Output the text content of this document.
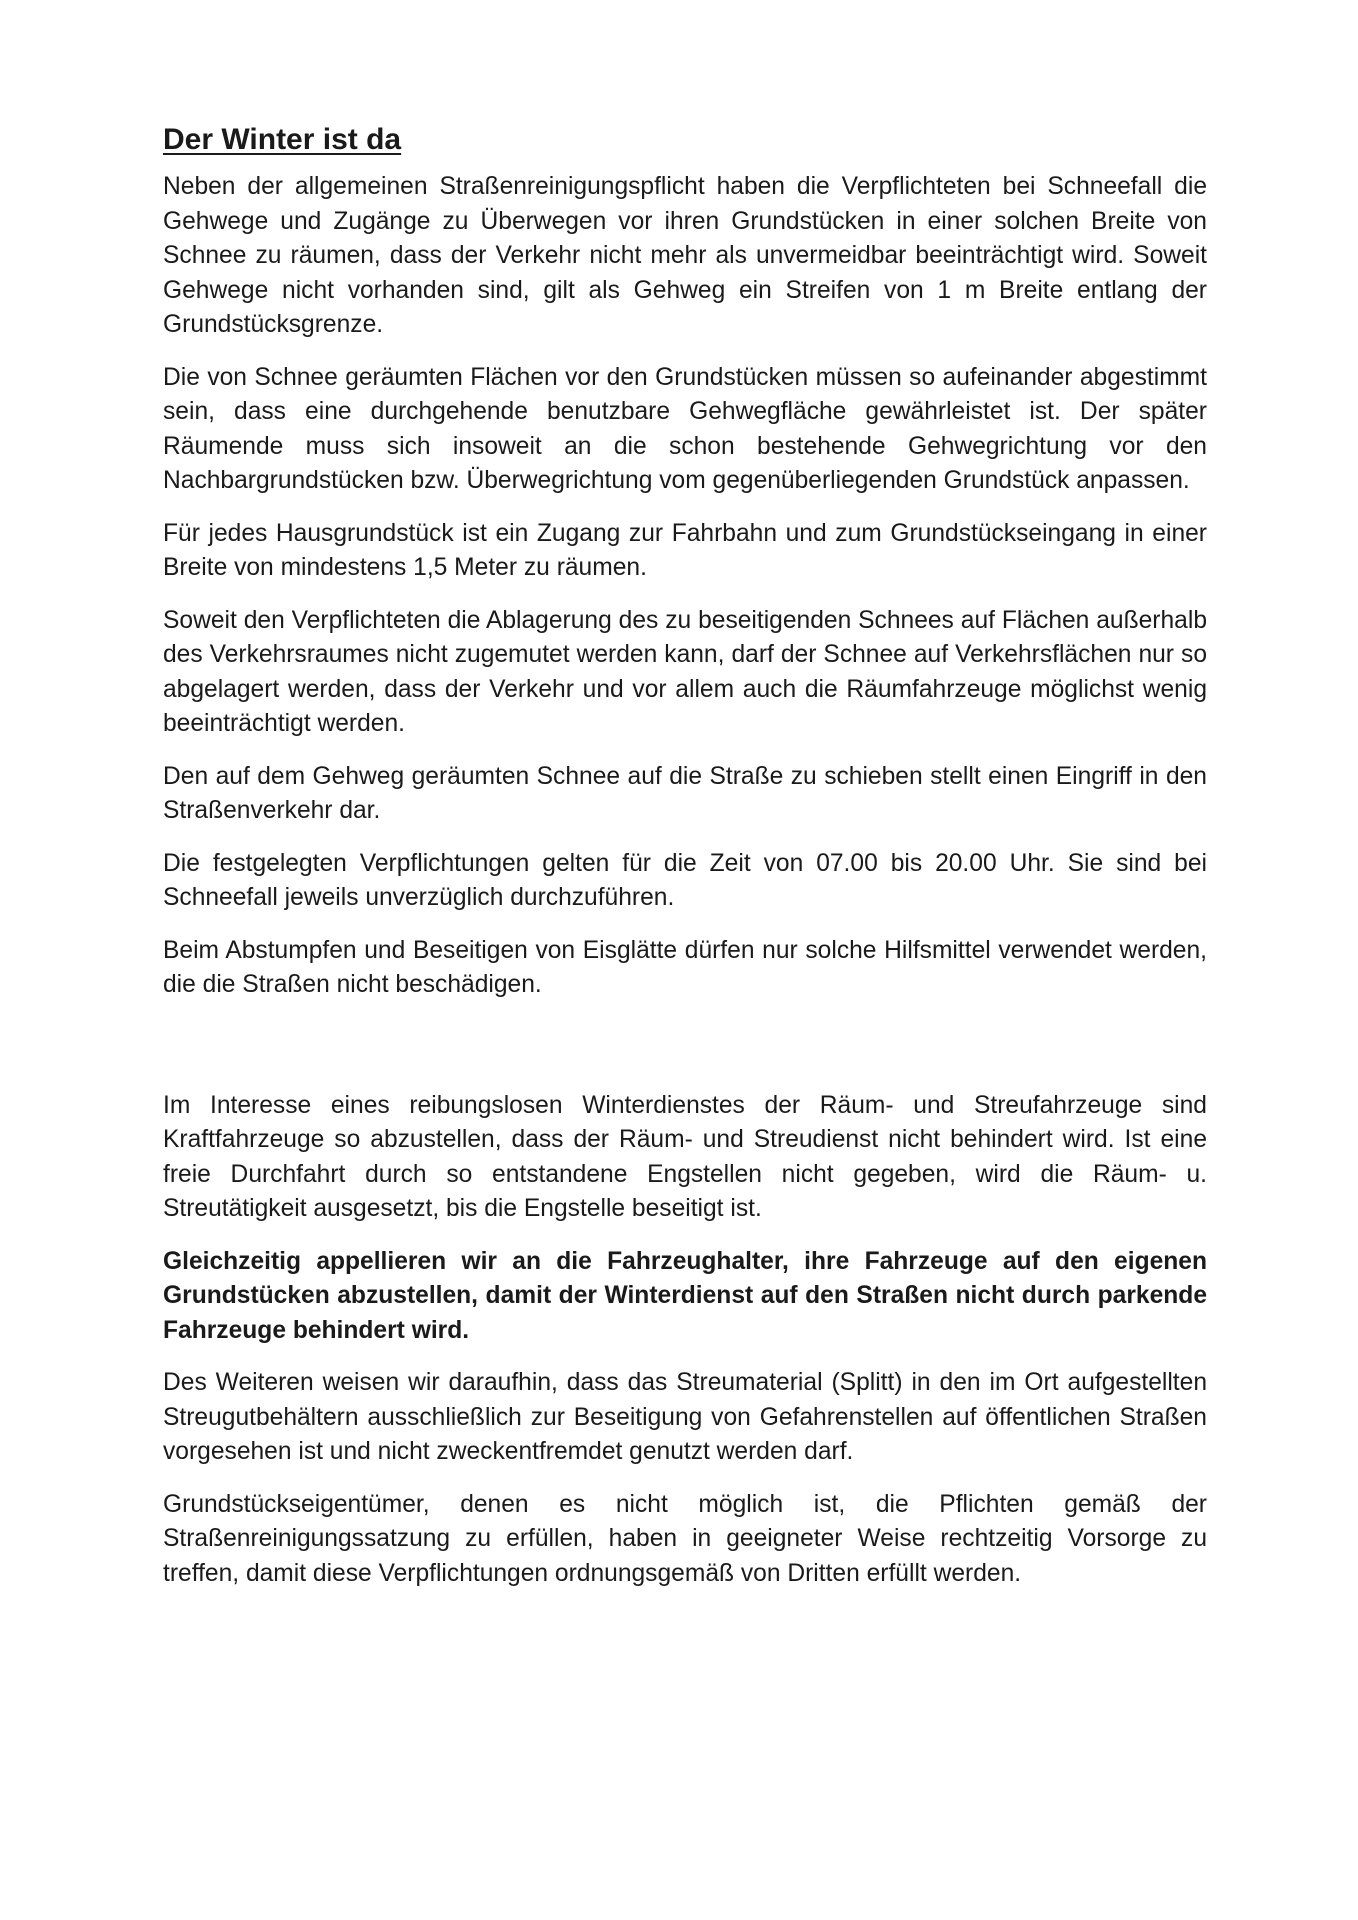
Der Winter ist da

Neben der allgemeinen Straßenreinigungspflicht haben die Verpflichteten bei Schneefall die Gehwege und Zugänge zu Überwegen vor ihren Grundstücken in einer solchen Breite von Schnee zu räumen, dass der Verkehr nicht mehr als unvermeidbar beeinträchtigt wird. Soweit Gehwege nicht vorhanden sind, gilt als Gehweg ein Streifen von 1 m Breite entlang der Grundstücksgrenze.

Die von Schnee geräumten Flächen vor den Grundstücken müssen so aufeinander abgestimmt sein, dass eine durchgehende benutzbare Gehwegfläche gewährleistet ist. Der später Räumende muss sich insoweit an die schon bestehende Gehwegrichtung vor den Nachbargrundstücken bzw. Überwegrichtung vom gegenüberliegenden Grundstück anpassen.

Für jedes Hausgrundstück ist ein Zugang zur Fahrbahn und zum Grundstückseingang in einer Breite von mindestens 1,5 Meter zu räumen.

Soweit den Verpflichteten die Ablagerung des zu beseitigenden Schnees auf Flächen außerhalb des Verkehrsraumes nicht zugemutet werden kann, darf der Schnee auf Verkehrsflächen nur so abgelagert werden, dass der Verkehr und vor allem auch die Räumfahrzeuge möglichst wenig beeinträchtigt werden.

Den auf dem Gehweg geräumten Schnee auf die Straße zu schieben stellt einen Eingriff in den Straßenverkehr dar.

Die festgelegten Verpflichtungen gelten für die Zeit von 07.00 bis 20.00 Uhr. Sie sind bei Schneefall jeweils unverzüglich durchzuführen.

Beim Abstumpfen und Beseitigen von Eisglätte dürfen nur solche Hilfsmittel verwendet werden, die die Straßen nicht beschädigen.

Im Interesse eines reibungslosen Winterdienstes der Räum- und Streufahrzeuge sind Kraftfahrzeuge so abzustellen, dass der Räum- und Streudienst nicht behindert wird. Ist eine freie Durchfahrt durch so entstandene Engstellen nicht gegeben, wird die Räum- u. Streutätigkeit ausgesetzt, bis die Engstelle beseitigt ist.

Gleichzeitig appellieren wir an die Fahrzeughalter, ihre Fahrzeuge auf den eigenen Grundstücken abzustellen, damit der Winterdienst auf den Straßen nicht durch parkende Fahrzeuge behindert wird.

Des Weiteren weisen wir daraufhin, dass das Streumaterial (Splitt) in den im Ort aufgestellten Streugutbehältern ausschließlich zur Beseitigung von Gefahrenstellen auf öffentlichen Straßen vorgesehen ist und nicht zweckentfremdet genutzt werden darf.

Grundstückseigentümer, denen es nicht möglich ist, die Pflichten gemäß der Straßenreinigungssatzung zu erfüllen, haben in geeigneter Weise rechtzeitig Vorsorge zu treffen, damit diese Verpflichtungen ordnungsgemäß von Dritten erfüllt werden.
